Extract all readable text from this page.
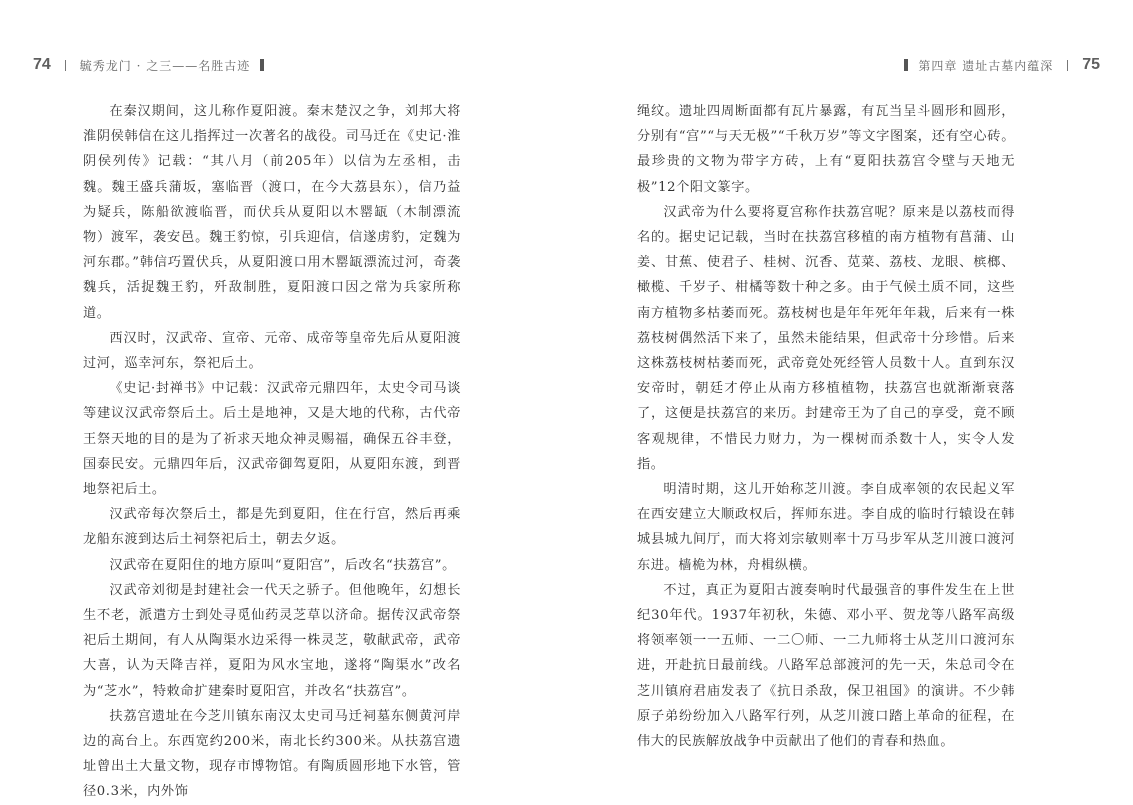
74 毓秀龙门 · 之三——名胜古迹

在秦汉期间，这儿称作夏阳渡。秦末楚汉之争，刘邦大将淮阴侯韩信在这儿指挥过一次著名的战役。司马迁在《史记·淮阴侯列传》记载：“其八月（前205年）以信为左丞相，击魏。魏王盛兵蒲坂，塞临晋（渡口，在今大荔县东），信乃益为疑兵，陈船欲渡临晋，而伏兵从夏阳以木罂缻（木制漂流物）渡军，袭安邑。魏王豹惊，引兵迎信，信遂虏豹，定魏为河东郡。”韩信巧置伏兵，从夏阳渡口用木罂缻漂流过河，奇袭魏兵，活捉魏王豹，歼敌制胜，夏阳渡口因之常为兵家所称道。

西汉时，汉武帝、宣帝、元帝、成帝等皇帝先后从夏阳渡过河，巡幸河东，祭祀后土。

《史记·封禅书》中记载：汉武帝元鼎四年，太史令司马谈等建议汉武帝祭后土。后土是地神，又是大地的代称，古代帝王祭天地的目的是为了祈求天地众神灵赐福，确保五谷丰登，国泰民安。元鼎四年后，汉武帝御驾夏阳，从夏阳东渡，到晋地祭祀后土。

汉武帝每次祭后土，都是先到夏阳，住在行宫，然后再乘龙船东渡到达后土祠祭祀后土，朝去夕返。

汉武帝在夏阳住的地方原叫“夏阳宫”，后改名“扶荔宫”。

汉武帝刘彻是封建社会一代天之骄子。但他晚年，幻想长生不老，派遣方士到处寻觅仙药灵芝草以济命。据传汉武帝祭祀后土期间，有人从陶渠水边采得一株灵芝，敬献武帝，武帝大喜，认为天降吉祥，夏阳为风水宝地，遂将“陶渠水”改名为“芝水”，特敕命扩建秦时夏阳宫，并改名“扶荔宫”。

扶荔宫遗址在今芝川镇东南汉太史司马迁祠墓东侧黄河岸边的高台上。东西宽约200米，南北长约300米。从扶荔宫遗址曾出土大量文物，现存市博物馆。有陶质圆形地下水管，管径0.3米，内外饰

第四章 遗址古墓内蕴深 75

绳纹。遗址四周断面都有瓦片暴露，有瓦当呈斗圆形和圆形，分别有“宫”“与天无极”“千秋万岁”等文字图案，还有空心砖。最珍贵的文物为带字方砖，上有“夏阳扶荔宫令壁与天地无极”12个阳文篆字。

汉武帝为什么要将夏宫称作扶荔宫呢？原来是以荔枝而得名的。据史记记载，当时在扶荔宫移植的南方植物有菖蒲、山姜、甘蕉、使君子、桂树、沉香、苋菜、荔枝、龙眼、槟榔、橄榄、千岁子、柑橘等数十种之多。由于气候土质不同，这些南方植物多枯萎而死。荔枝树也是年年死年年栽，后来有一株荔枝树偶然活下来了，虽然未能结果，但武帝十分珍惜。后来这株荔枝树枯萎而死，武帝竟处死经管人员数十人。直到东汉安帝时，朝廷才停止从南方移植植物，扶荔宫也就渐渐衰落了，这便是扶荔宫的来历。封建帝王为了自己的享受，竟不顾客观规律，不惜民力财力，为一棵树而杀数十人，实令人发指。

明清时期，这儿开始称芝川渡。李自成率领的农民起义军在西安建立大顺政权后，挥师东进。李自成的临时行辕设在韩城县城九间厅，而大将刘宗敏则率十万马步军从芝川渡口渡河东进。樯桅为林，舟楫纵横。

不过，真正为夏阳古渡奏响时代最强音的事件发生在上世纪30年代。1937年初秋，朱德、邓小平、贺龙等八路军高级将领率领一一五师、一二〇师、一二九师将士从芝川口渡河东进，开赴抗日最前线。八路军总部渡河的先一天，朱总司令在芝川镇府君庙发表了《抗日杀敌，保卫祖国》的演讲。不少韩原子弟纷纷加入八路军行列，从芝川渡口踏上革命的征程，在伟大的民族解放战争中贡献出了他们的青春和热血。
